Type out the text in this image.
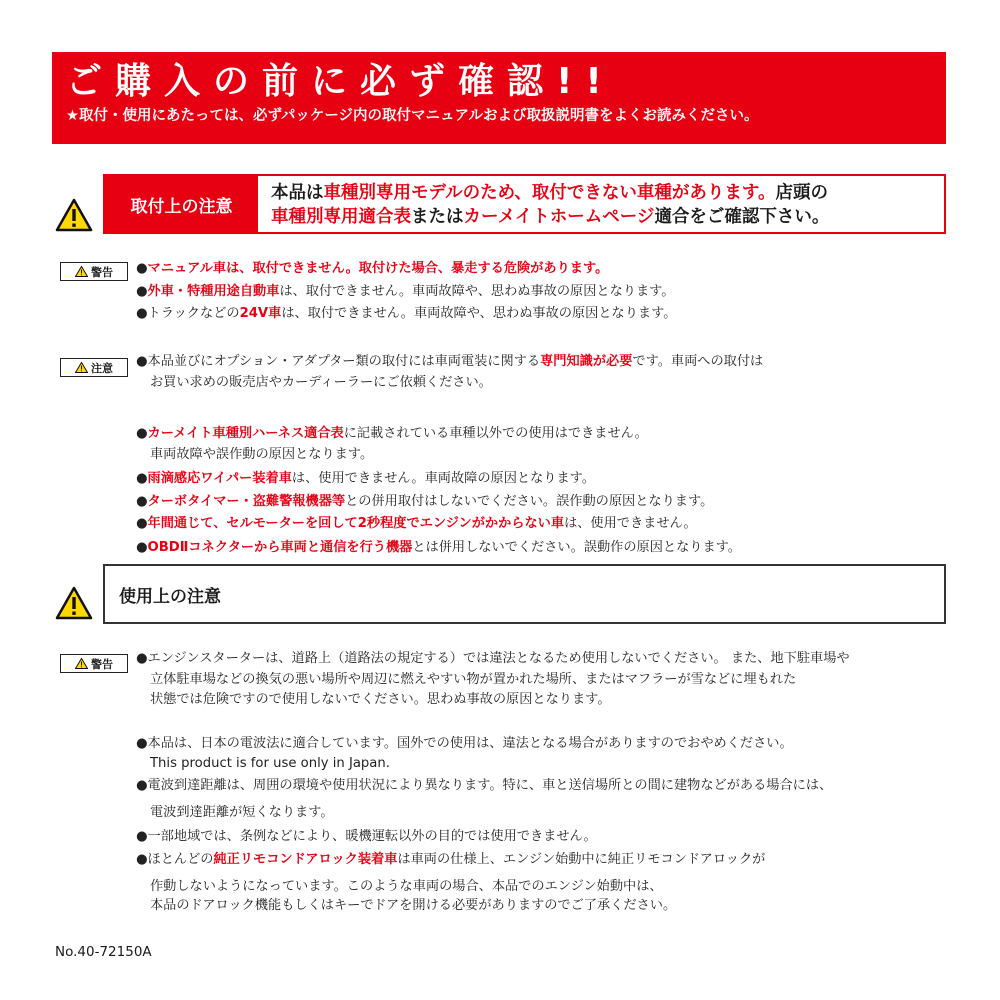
ご購入の前に必ず確認!!
★取付・使用にあたっては、必ずパッケージ内の取付マニュアルおよび取扱説明書をよくお読みください。
取付上の注意
本品は車種別専用モデルのため、取付できない車種があります。店頭の
車種別専用適合表またはカーメイトホームページ適合をご確認下さい。
警告 ●マニュアル車は、取付できません。取付けた場合、暴走する危険があります。
●外車・特種用途自動車は、取付できません。車両故障や、思わぬ事故の原因となります。
●トラックなどの24V車は、取付できません。車両故障や、思わぬ事故の原因となります。
注意 ●本品並びにオプション・アダプター類の取付には車両電装に関する専門知識が必要です。車両への取付は
お買い求めの販売店やカーディーラーにご依頼ください。
●カーメイト車種別ハーネス適合表に記載されている車種以外での使用はできません。
車両故障や誤作動の原因となります。
●雨滴感応ワイパー装着車は、使用できません。車両故障の原因となります。
●ターボタイマー・盗難警報機器等との併用取付はしないでください。誤作動の原因となります。
●年間通じて、セルモーターを回して2秒程度でエンジンがかからない車は、使用できません。
●OBDⅡコネクターから車両と通信を行う機器とは併用しないでください。誤動作の原因となります。
使用上の注意
警告 ●エンジンスターターは、道路上（道路法の規定する）では違法となるため使用しないでください。 また、地下駐車場や
立体駐車場などの換気の悪い場所や周辺に燃えやすい物が置かれた場所、またはマフラーが雪などに埋もれた
状態では危険ですので使用しないでください。思わぬ事故の原因となります。
●本品は、日本の電波法に適合しています。国外での使用は、違法となる場合がありますのでおやめください。
This product is for use only in Japan.
●電波到達距離は、周囲の環境や使用状況により異なります。特に、車と送信場所との間に建物などがある場合には、
電波到達距離が短くなります。
●一部地域では、条例などにより、暖機運転以外の目的では使用できません。
●ほとんどの純正リモコンドアロック装着車は車両の仕様上、エンジン始動中に純正リモコンドアロックが
作動しないようになっています。このような車両の場合、本品でのエンジン始動中は、
本品のドアロック機能もしくはキーでドアを開ける必要がありますのでご了承ください。
No.40-72150A
